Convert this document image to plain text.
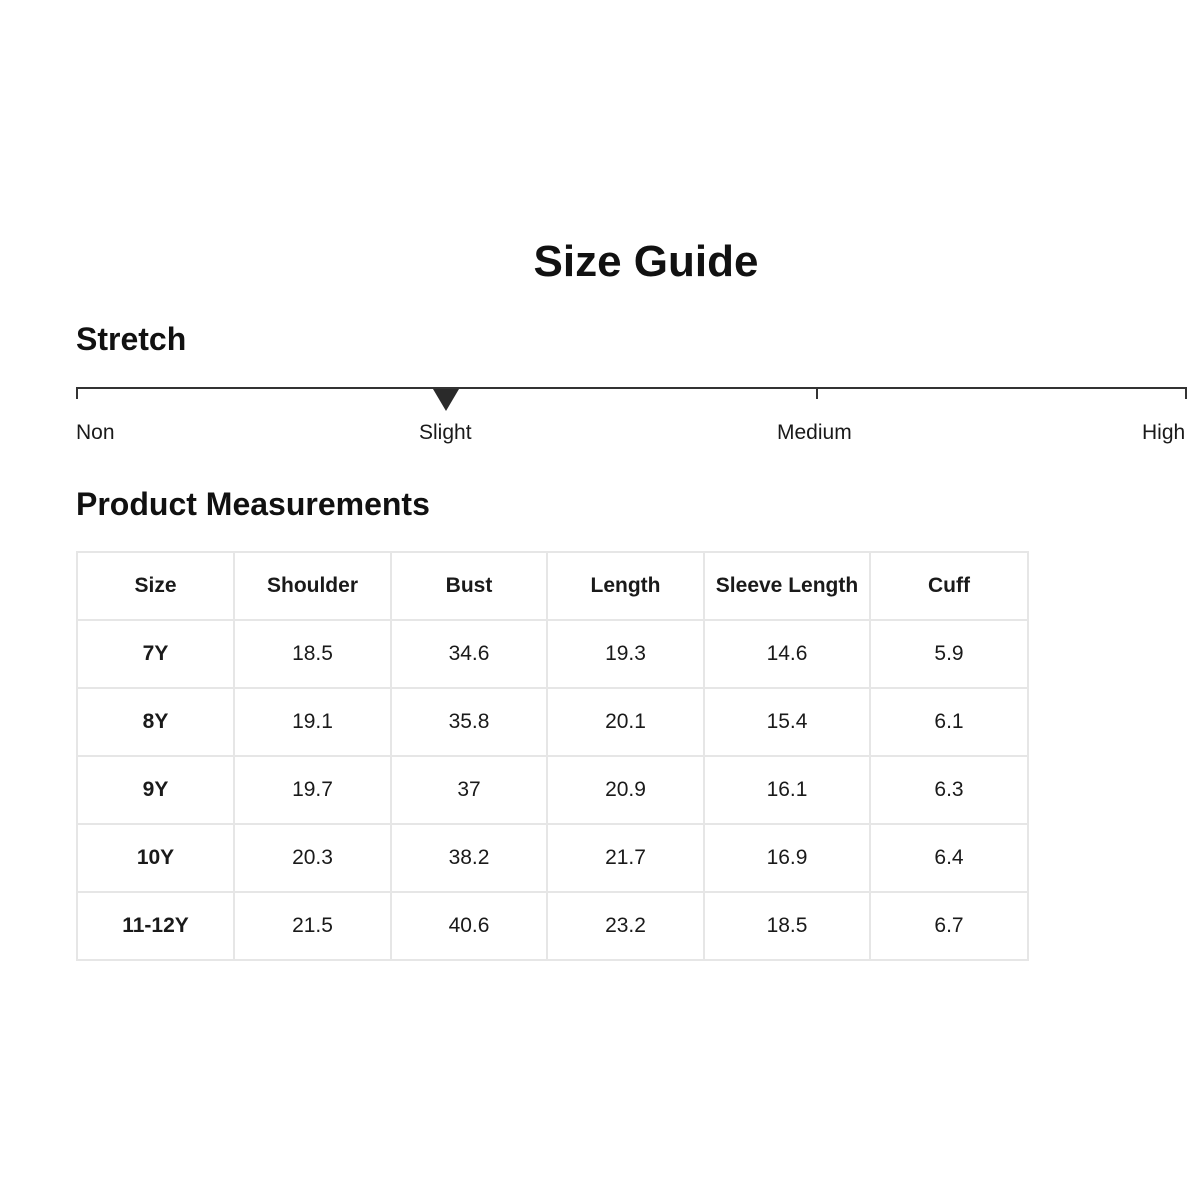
Size Guide
Stretch
Non	Slight	Medium	High
Product Measurements
Size	Shoulder	Bust	Length	Sleeve Length	Cuff
7Y	18.5	34.6	19.3	14.6	5.9
8Y	19.1	35.8	20.1	15.4	6.1
9Y	19.7	37	20.9	16.1	6.3
10Y	20.3	38.2	21.7	16.9	6.4
11-12Y	21.5	40.6	23.2	18.5	6.7
